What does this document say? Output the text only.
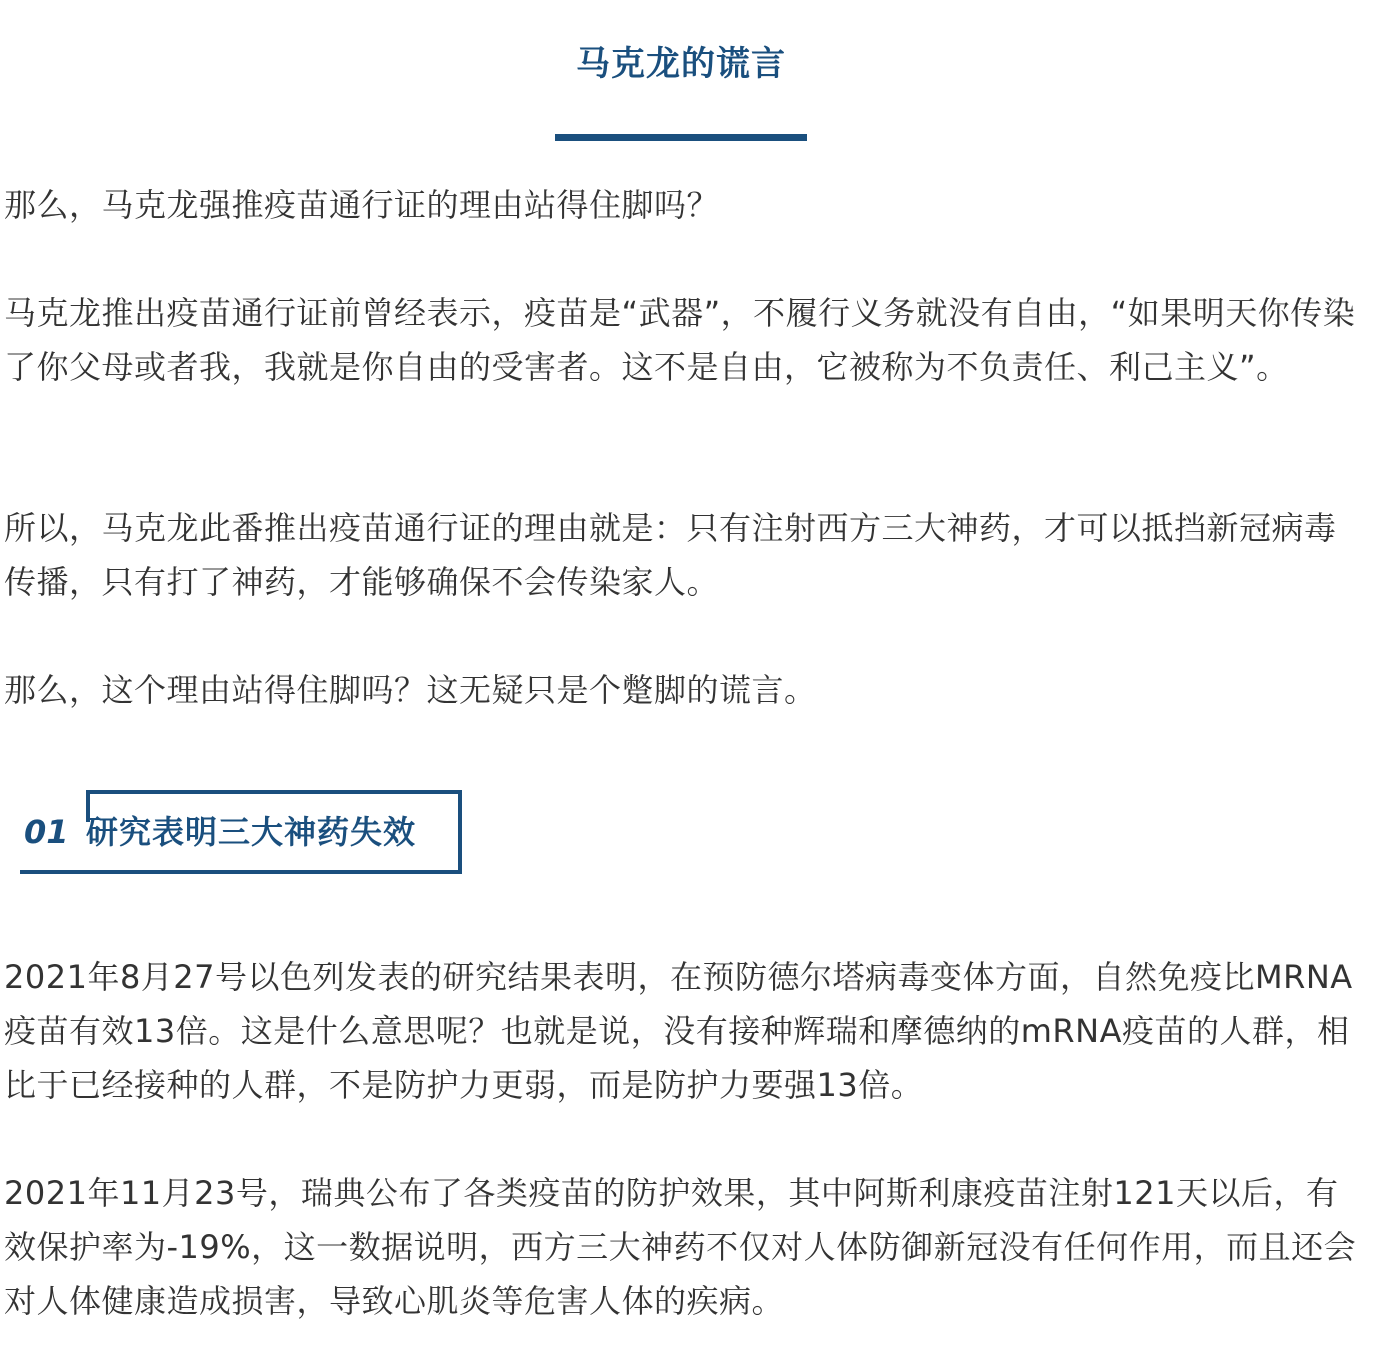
马克龙的谎言

那么，马克龙强推疫苗通行证的理由站得住脚吗？

马克龙推出疫苗通行证前曾经表示，疫苗是“武器”，不履行义务就没有自由，“如果明天你传染了你父母或者我，我就是你自由的受害者。这不是自由，它被称为不负责任、利己主义”。

所以，马克龙此番推出疫苗通行证的理由就是：只有注射西方三大神药，才可以抵挡新冠病毒传播，只有打了神药，才能够确保不会传染家人。

那么，这个理由站得住脚吗？这无疑只是个蹩脚的谎言。

01 研究表明三大神药失效

2021年8月27号以色列发表的研究结果表明，在预防德尔塔病毒变体方面，自然免疫比MRNA疫苗有效13倍。这是什么意思呢？也就是说，没有接种辉瑞和摩德纳的mRNA疫苗的人群，相比于已经接种的人群，不是防护力更弱，而是防护力要强13倍。

2021年11月23号，瑞典公布了各类疫苗的防护效果，其中阿斯利康疫苗注射121天以后，有效保护率为-19%，这一数据说明，西方三大神药不仅对人体防御新冠没有任何作用，而且还会对人体健康造成损害，导致心肌炎等危害人体的疾病。
